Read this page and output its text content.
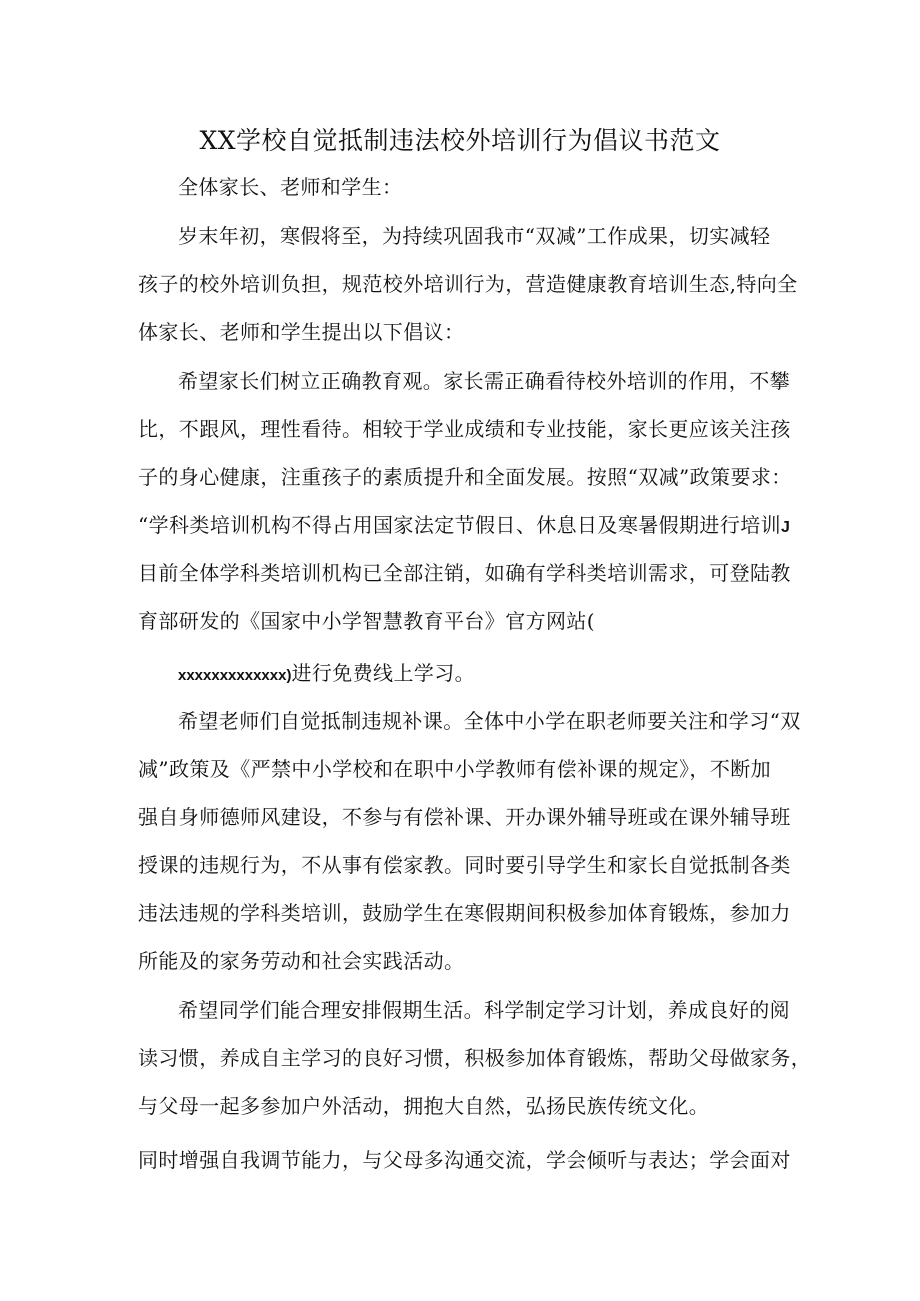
XX学校自觉抵制违法校外培训行为倡议书范文
全体家长、老师和学生：
岁末年初，寒假将至，为持续巩固我市“双减”工作成果，切实减轻
孩子的校外培训负担，规范校外培训行为，营造健康教育培训生态,特向全
体家长、老师和学生提出以下倡议：
希望家长们树立正确教育观。家长需正确看待校外培训的作用，不攀
比，不跟风，理性看待。相较于学业成绩和专业技能，家长更应该关注孩
子的身心健康，注重孩子的素质提升和全面发展。按照“双减”政策要求：
“学科类培训机构不得占用国家法定节假日、休息日及寒暑假期进行培训J
目前全体学科类培训机构已全部注销，如确有学科类培训需求，可登陆教
育部研发的《国家中小学智慧教育平台》官方网站(
xxxxxxxxxxxxx)进行免费线上学习。
希望老师们自觉抵制违规补课。全体中小学在职老师要关注和学习“双
减”政策及《严禁中小学校和在职中小学教师有偿补课的规定》，不断加
强自身师德师风建设，不参与有偿补课、开办课外辅导班或在课外辅导班
授课的违规行为，不从事有偿家教。同时要引导学生和家长自觉抵制各类
违法违规的学科类培训，鼓励学生在寒假期间积极参加体育锻炼，参加力
所能及的家务劳动和社会实践活动。
希望同学们能合理安排假期生活。科学制定学习计划，养成良好的阅
读习惯，养成自主学习的良好习惯，积极参加体育锻炼，帮助父母做家务，
与父母一起多参加户外活动，拥抱大自然，弘扬民族传统文化。
同时增强自我调节能力，与父母多沟通交流，学会倾听与表达；学会面对
